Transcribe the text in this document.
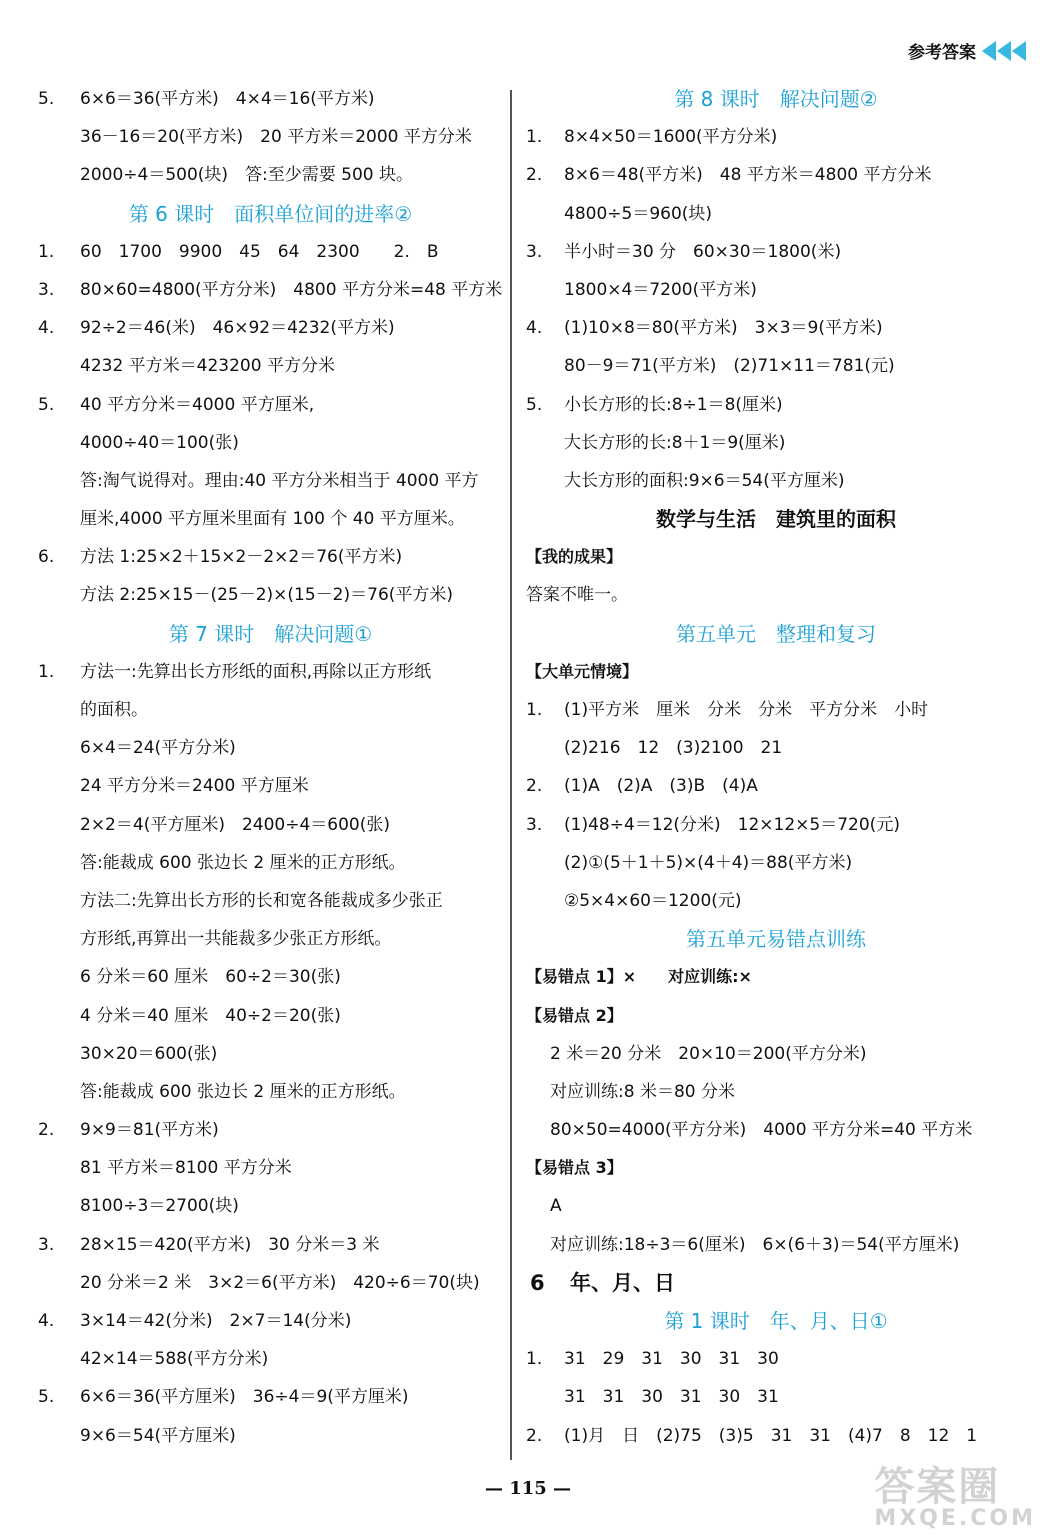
参考答案
5. 6×6＝36(平方米)　4×4＝16(平方米)
36－16＝20(平方米)　20 平方米＝2000 平方分米
2000÷4＝500(块)　答:至少需要 500 块。
第 6 课时　面积单位间的进率②
1. 60　1700　9900　45　64　2300　　2.　B
3. 80×60=4800(平方分米)　4800 平方分米=48 平方米
4. 92÷2＝46(米)　46×92＝4232(平方米)
4232 平方米＝423200 平方分米
5. 40 平方分米＝4000 平方厘米,
4000÷40＝100(张)
答:淘气说得对。理由:40 平方分米相当于 4000 平方
厘米,4000 平方厘米里面有 100 个 40 平方厘米。
6. 方法 1:25×2＋15×2－2×2＝76(平方米)
方法 2:25×15－(25－2)×(15－2)＝76(平方米)
第 7 课时　解决问题①
1. 方法一:先算出长方形纸的面积,再除以正方形纸
的面积。
6×4＝24(平方分米)
24 平方分米＝2400 平方厘米
2×2＝4(平方厘米)　2400÷4＝600(张)
答:能裁成 600 张边长 2 厘米的正方形纸。
方法二:先算出长方形的长和宽各能裁成多少张正
方形纸,再算出一共能裁多少张正方形纸。
6 分米＝60 厘米　60÷2＝30(张)
4 分米＝40 厘米　40÷2＝20(张)
30×20＝600(张)
答:能裁成 600 张边长 2 厘米的正方形纸。
2. 9×9＝81(平方米)
81 平方米＝8100 平方分米
8100÷3＝2700(块)
3. 28×15＝420(平方米)　30 分米＝3 米
20 分米＝2 米　3×2＝6(平方米)　420÷6＝70(块)
4. 3×14＝42(分米)　2×7＝14(分米)
42×14＝588(平方分米)
5. 6×6＝36(平方厘米)　36÷4＝9(平方厘米)
9×6＝54(平方厘米)
第 8 课时　解决问题②
1. 8×4×50＝1600(平方分米)
2. 8×6＝48(平方米)　48 平方米＝4800 平方分米
4800÷5＝960(块)
3. 半小时＝30 分　60×30＝1800(米)
1800×4＝7200(平方米)
4. (1)10×8＝80(平方米)　3×3＝9(平方米)
80－9＝71(平方米)　(2)71×11＝781(元)
5. 小长方形的长:8÷1＝8(厘米)
大长方形的长:8＋1＝9(厘米)
大长方形的面积:9×6＝54(平方厘米)
数学与生活　建筑里的面积
【我的成果】
答案不唯一。
第五单元　整理和复习
【大单元情境】
1. (1)平方米　厘米　分米　分米　平方分米　小时
(2)216　12　(3)2100　21
2. (1)A　(2)A　(3)B　(4)A
3. (1)48÷4＝12(分米)　12×12×5＝720(元)
(2)①(5＋1＋5)×(4＋4)＝88(平方米)
②5×4×60＝1200(元)
第五单元易错点训练
【易错点 1】×　　对应训练:×
【易错点 2】
2 米＝20 分米　20×10＝200(平方分米)
对应训练:8 米＝80 分米
80×50=4000(平方分米)　4000 平方分米=40 平方米
【易错点 3】
A
对应训练:18÷3＝6(厘米)　6×(6＋3)＝54(平方厘米)
6 年、月、日
第 1 课时　年、月、日①
1. 31　29　31　30　31　30
31　31　30　31　30　31
2. (1)月　日　(2)75　(3)5　31　31　(4)7　8　12　1
— 115 —	答案圈
MXQE.COM
